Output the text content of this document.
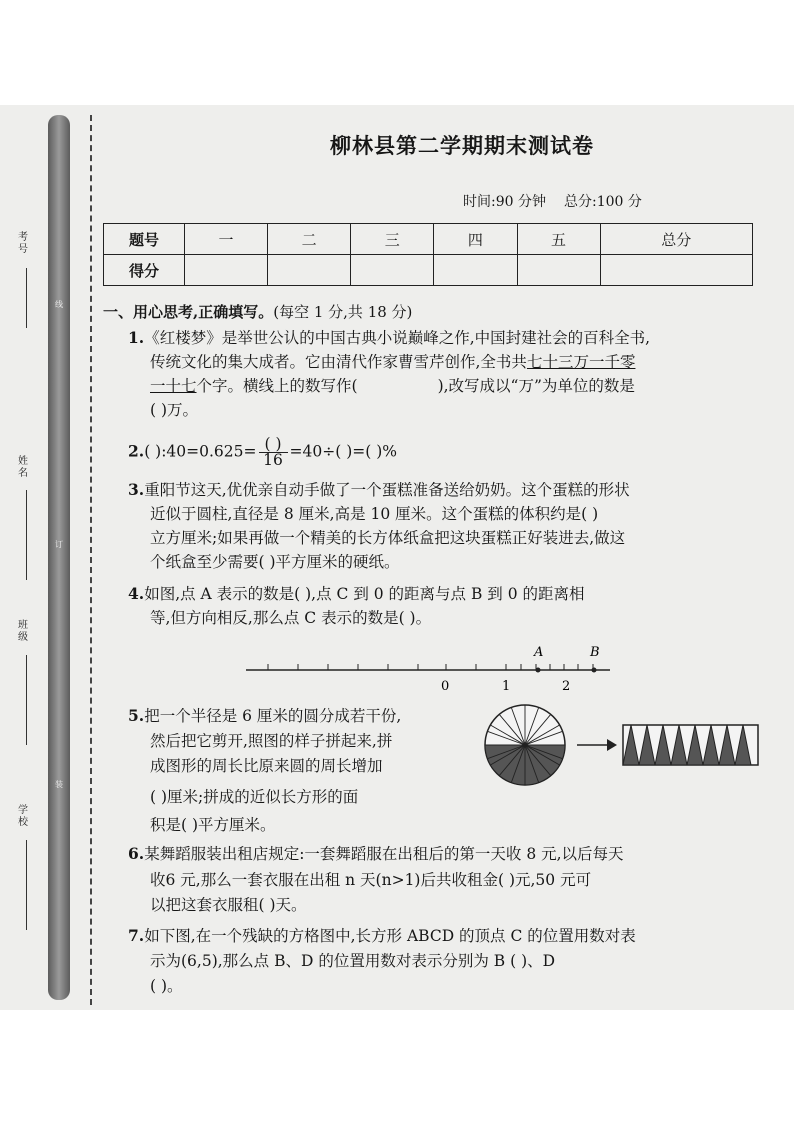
线
订
装
考号
姓名
班级
学校
柳林县第二学期期末测试卷
时间:90 分钟 总分:100 分
题号	一	二	三	四	五	总分
得分						
一、用心思考,正确填写。(每空 1 分,共 18 分)
1.《红楼梦》是举世公认的中国古典小说巅峰之作,中国封建社会的百科全书,
传统文化的集大成者。它由清代作家曹雪芹创作,全书共七十三万一千零
一十七个字。横线上的数写作(	),改写成以“万”为单位的数是
( )万。
2.( ):40=0.625= $\frac{( )}{16} =40\div$( )=( )%
3.重阳节这天,优优亲自动手做了一个蛋糕准备送给奶奶。这个蛋糕的形状
近似于圆柱,直径是 8 厘米,高是 10 厘米。这个蛋糕的体积约是( )
立方厘米;如果再做一个精美的长方体纸盒把这块蛋糕正好装进去,做这
个纸盒至少需要( )平方厘米的硬纸。
4.如图,点 A 表示的数是( ),点 C 到 0 的距离与点 B 到 0 的距离相
等,但方向相反,那么点 C 表示的数是( )。
0	1	2
A	B
5.把一个半径是 6 厘米的圆分成若干份,
然后把它剪开,照图的样子拼起来,拼
成图形的周长比原来圆的周长增加
( )厘米;拼成的近似长方形的面
积是( )平方厘米。
6.某舞蹈服装出租店规定:一套舞蹈服在出租后的第一天收 8 元,以后每天
收6 元,那么一套衣服在出租 n 天(n>1)后共收租金( )元,50 元可
以把这套衣服租( )天。
7.如下图,在一个残缺的方格图中,长方形 ABCD 的顶点 C 的位置用数对表
示为(6,5),那么点 B、D 的位置用数对表示分别为 B ( )、D
( )。
